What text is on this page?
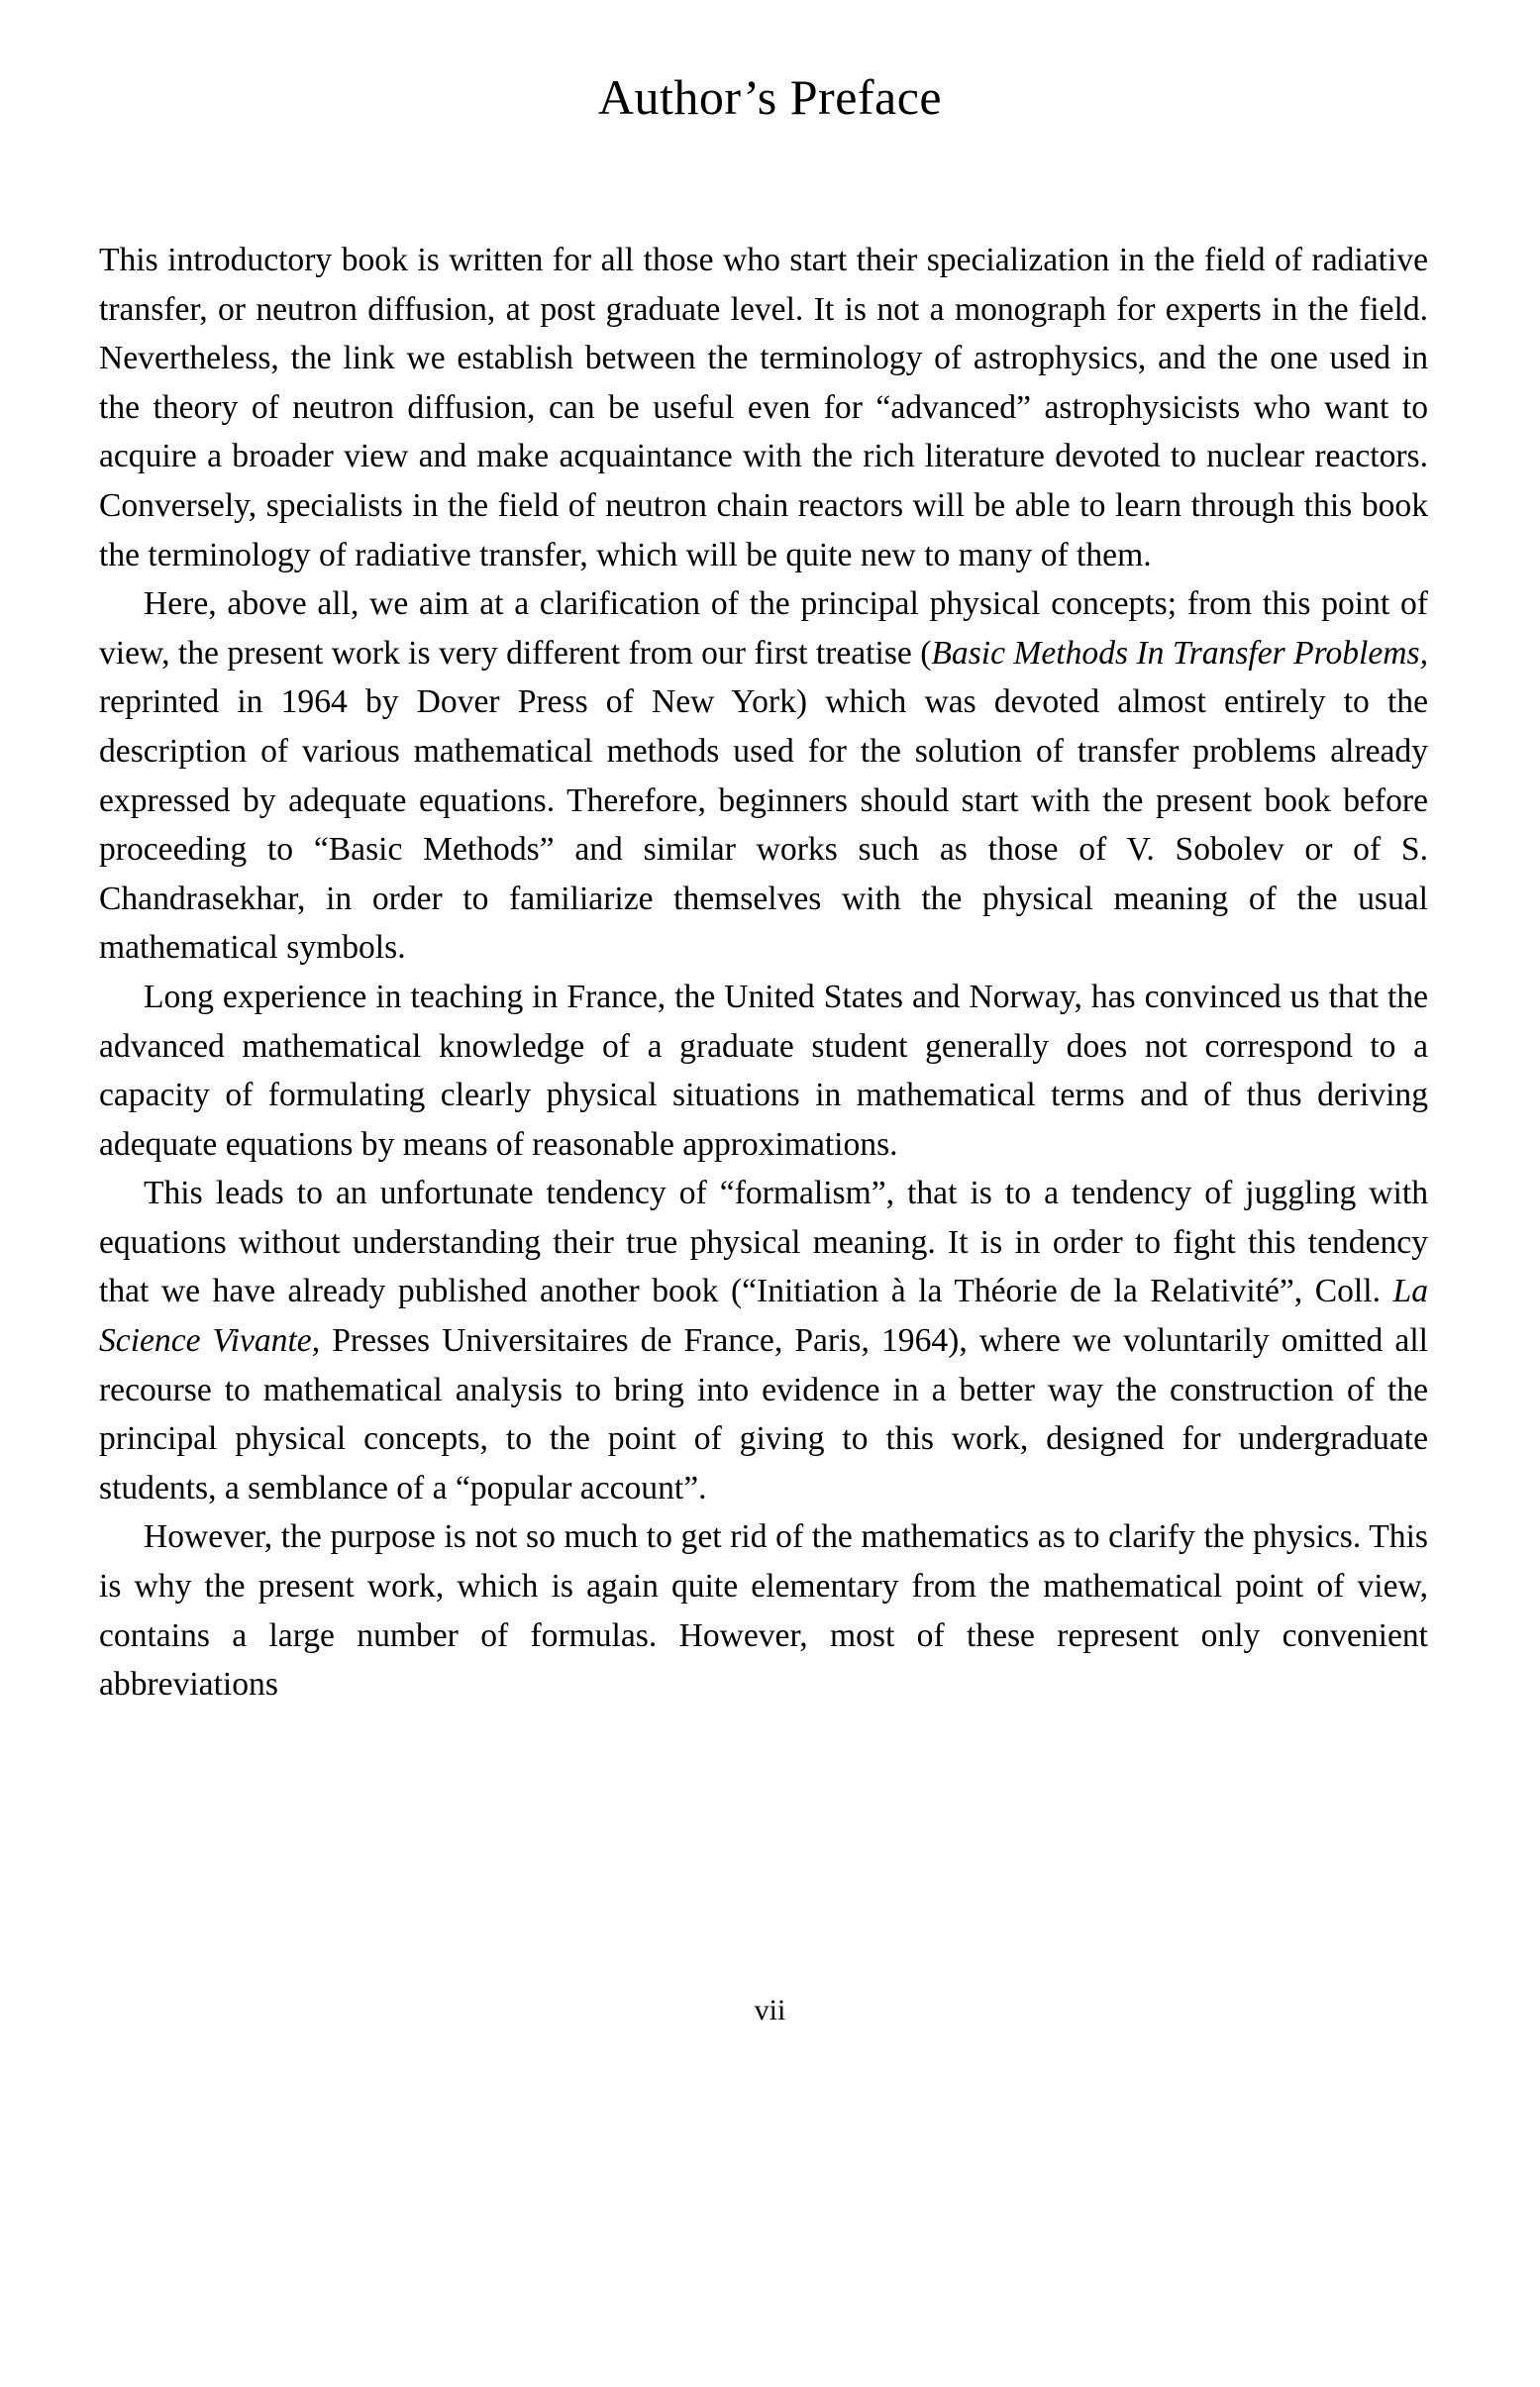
Author’s Preface

This introductory book is written for all those who start their specialization in the field of radiative transfer, or neutron diffusion, at post graduate level. It is not a monograph for experts in the field. Nevertheless, the link we establish between the terminology of astrophysics, and the one used in the theory of neutron diffusion, can be useful even for “advanced” astrophysicists who want to acquire a broader view and make acquaintance with the rich literature devoted to nuclear reactors. Conversely, specialists in the field of neutron chain reactors will be able to learn through this book the terminology of radiative transfer, which will be quite new to many of them.

Here, above all, we aim at a clarification of the principal physical concepts; from this point of view, the present work is very different from our first treatise (Basic Methods In Transfer Problems, reprinted in 1964 by Dover Press of New York) which was devoted almost entirely to the description of various mathematical methods used for the solution of transfer problems already expressed by adequate equations. Therefore, beginners should start with the present book before proceeding to “Basic Methods” and similar works such as those of V. Sobolev or of S. Chandrasekhar, in order to familiarize themselves with the physical meaning of the usual mathematical symbols.

Long experience in teaching in France, the United States and Norway, has convinced us that the advanced mathematical knowledge of a graduate student generally does not correspond to a capacity of formulating clearly physical situations in mathematical terms and of thus deriving adequate equations by means of reasonable approximations.

This leads to an unfortunate tendency of “formalism”, that is to a tendency of juggling with equations without understanding their true physical meaning. It is in order to fight this tendency that we have already published another book (“Initiation à la Théorie de la Relativité”, Coll. La Science Vivante, Presses Universitaires de France, Paris, 1964), where we voluntarily omitted all recourse to mathematical analysis to bring into evidence in a better way the construction of the principal physical concepts, to the point of giving to this work, designed for undergraduate students, a semblance of a “popular account”.

However, the purpose is not so much to get rid of the mathematics as to clarify the physics. This is why the present work, which is again quite elementary from the mathematical point of view, contains a large number of formulas. However, most of these represent only convenient abbreviations

vii
